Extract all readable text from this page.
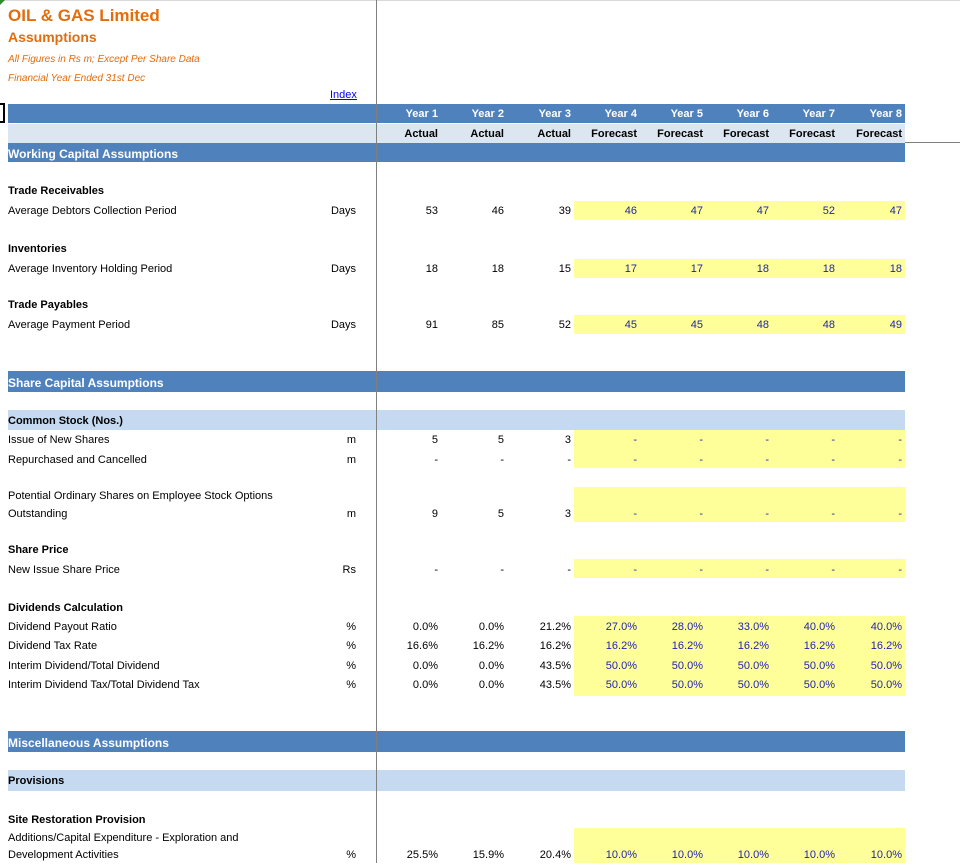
OIL & GAS Limited
Assumptions
All Figures in Rs m; Except Per Share Data
Financial Year Ended 31st Dec
Index
Year 1	Year 2	Year 3	Year 4	Year 5	Year 6	Year 7	Year 8
Actual	Actual	Actual	Forecast	Forecast	Forecast	Forecast	Forecast
Working Capital Assumptions
Trade Receivables
Average Debtors Collection Period	Days	53	46	39	46	47	47	52	47
Inventories
Average Inventory Holding Period	Days	18	18	15	17	17	18	18	18
Trade Payables
Average Payment Period	Days	91	85	52	45	45	48	48	49
Share Capital Assumptions
Common Stock (Nos.)
Issue of New Shares	m	5	5	3	-	-	-	-	-
Repurchased and Cancelled	m	-	-	-	-	-	-	-	-
Potential Ordinary Shares on Employee Stock Options
Outstanding	m	9	5	3	-	-	-	-	-
Share Price
New Issue Share Price	Rs	-	-	-	-	-	-	-	-
Dividends Calculation
Dividend Payout Ratio	%	0.0%	0.0%	21.2%	27.0%	28.0%	33.0%	40.0%	40.0%
Dividend Tax Rate	%	16.6%	16.2%	16.2%	16.2%	16.2%	16.2%	16.2%	16.2%
Interim Dividend/Total Dividend	%	0.0%	0.0%	43.5%	50.0%	50.0%	50.0%	50.0%	50.0%
Interim Dividend Tax/Total Dividend Tax	%	0.0%	0.0%	43.5%	50.0%	50.0%	50.0%	50.0%	50.0%
Miscellaneous Assumptions
Provisions
Site Restoration Provision
Additions/Capital Expenditure - Exploration and
Development Activities	%	25.5%	15.9%	20.4%	10.0%	10.0%	10.0%	10.0%	10.0%
